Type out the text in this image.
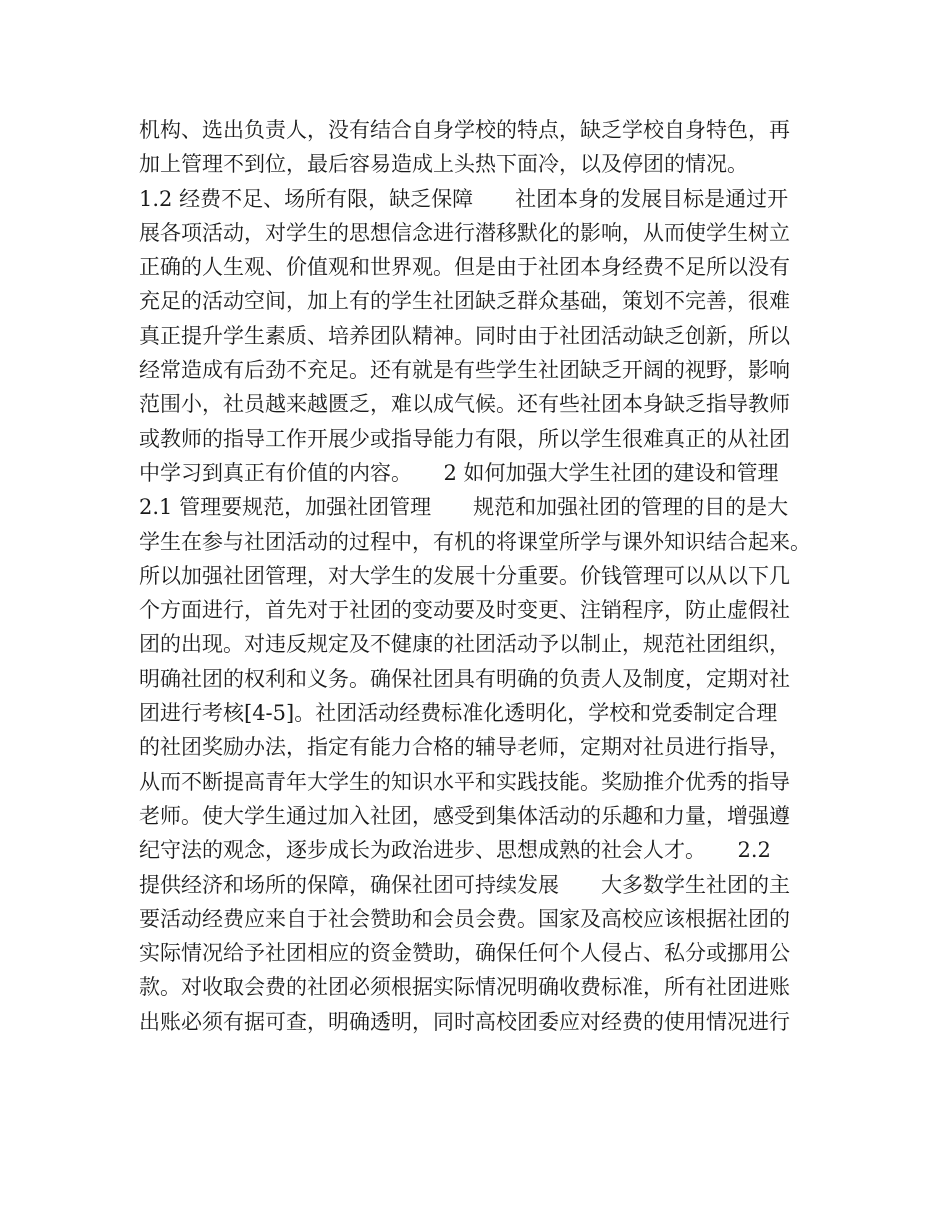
机构、选出负责人，没有结合自身学校的特点，缺乏学校自身特色，再
加上管理不到位，最后容易造成上头热下面冷，以及停团的情况。
1.2 经费不足、场所有限，缺乏保障　　社团本身的发展目标是通过开
展各项活动，对学生的思想信念进行潜移默化的影响，从而使学生树立
正确的人生观、价值观和世界观。但是由于社团本身经费不足所以没有
充足的活动空间，加上有的学生社团缺乏群众基础，策划不完善，很难
真正提升学生素质、培养团队精神。同时由于社团活动缺乏创新，所以
经常造成有后劲不充足。还有就是有些学生社团缺乏开阔的视野，影响
范围小，社员越来越匮乏，难以成气候。还有些社团本身缺乏指导教师
或教师的指导工作开展少或指导能力有限，所以学生很难真正的从社团
中学习到真正有价值的内容。　　2 如何加强大学生社团的建设和管理
2.1 管理要规范，加强社团管理　　规范和加强社团的管理的目的是大
学生在参与社团活动的过程中，有机的将课堂所学与课外知识结合起来。
所以加强社团管理，对大学生的发展十分重要。价钱管理可以从以下几
个方面进行，首先对于社团的变动要及时变更、注销程序，防止虚假社
团的出现。对违反规定及不健康的社团活动予以制止，规范社团组织，
明确社团的权利和义务。确保社团具有明确的负责人及制度，定期对社
团进行考核[4-5]。社团活动经费标准化透明化，学校和党委制定合理
的社团奖励办法，指定有能力合格的辅导老师，定期对社员进行指导，
从而不断提高青年大学生的知识水平和实践技能。奖励推介优秀的指导
老师。使大学生通过加入社团，感受到集体活动的乐趣和力量，增强遵
纪守法的观念，逐步成长为政治进步、思想成熟的社会人才。　　2.2
提供经济和场所的保障，确保社团可持续发展　　大多数学生社团的主
要活动经费应来自于社会赞助和会员会费。国家及高校应该根据社团的
实际情况给予社团相应的资金赞助，确保任何个人侵占、私分或挪用公
款。对收取会费的社团必须根据实际情况明确收费标准，所有社团进账
出账必须有据可查，明确透明，同时高校团委应对经费的使用情况进行
